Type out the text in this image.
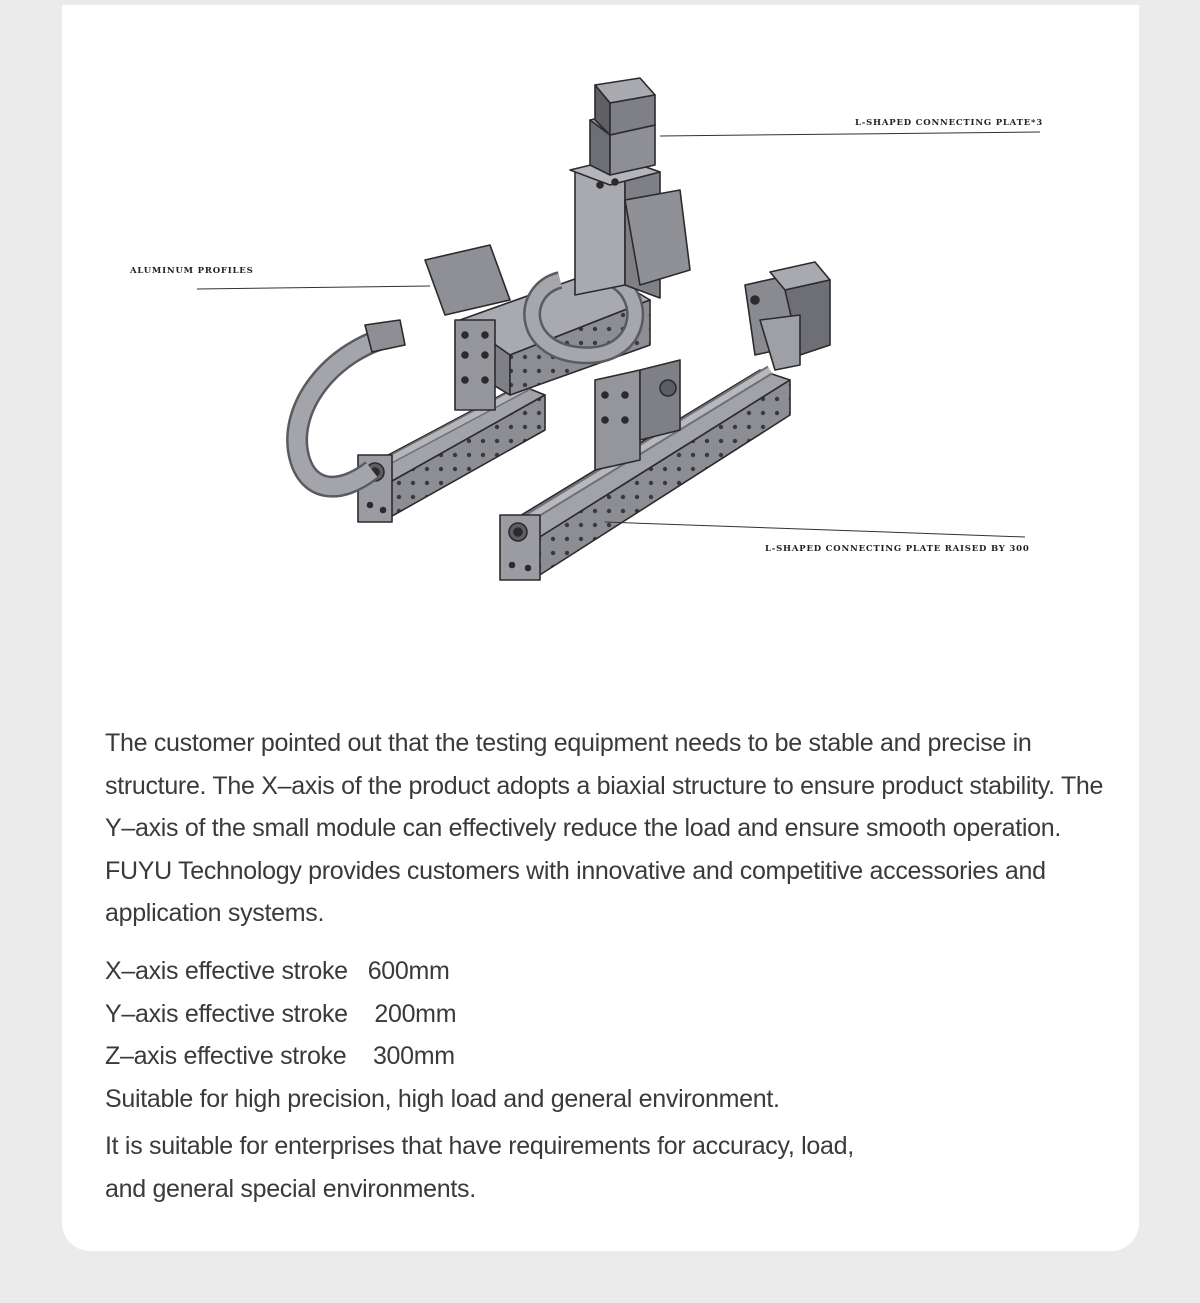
L-SHAPED CONNECTING PLATE*3
ALUMINUM PROFILES
L-SHAPED CONNECTING PLATE RAISED BY 300
The customer pointed out that the testing equipment needs to be stable and precise in structure. The X–axis of the product adopts a biaxial structure to ensure product stability. The Y–axis of the small module can effectively reduce the load and ensure smooth operation. FUYU Technology provides customers with innovative and competitive accessories and application systems.
X–axis effective stroke 600mm
Y–axis effective stroke 200mm
Z–axis effective stroke 300mm
Suitable for high precision, high load and general environment.
It is suitable for enterprises that have requirements for accuracy, load, and general special environments.
